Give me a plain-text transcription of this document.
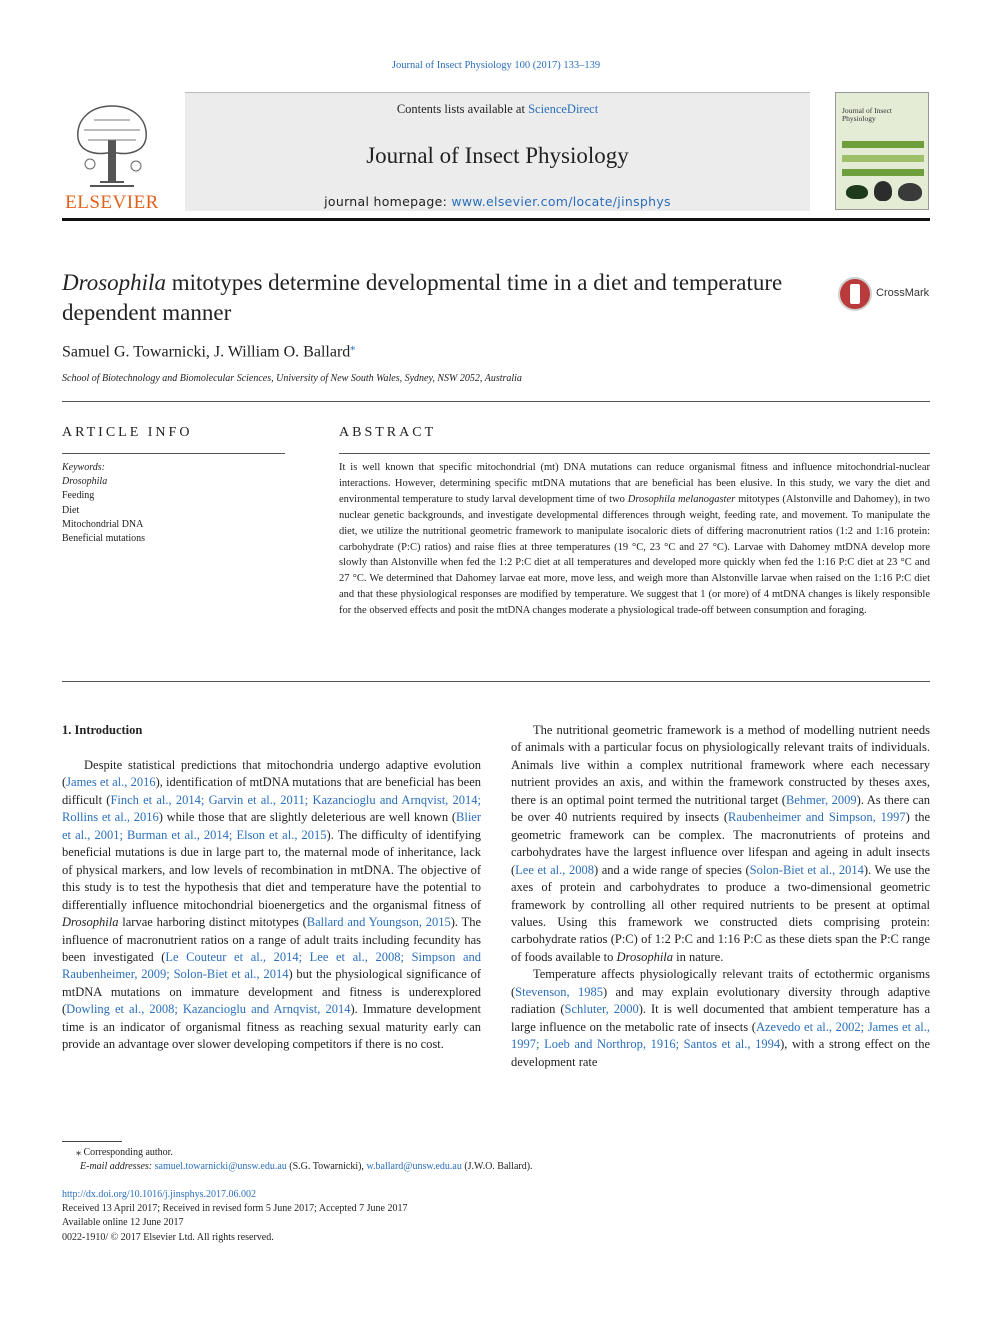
Journal of Insect Physiology 100 (2017) 133–139
ELSEVIER
Contents lists available at ScienceDirect
Journal of Insect Physiology
journal homepage: www.elsevier.com/locate/jinsphys
Journal of Insect Physiology
Drosophila mitotypes determine developmental time in a diet and temperature dependent manner
CrossMark
Samuel G. Towarnicki, J. William O. Ballard⁎
School of Biotechnology and Biomolecular Sciences, University of New South Wales, Sydney, NSW 2052, Australia
ARTICLE INFO	ABSTRACT
Keywords:
Drosophila
Feeding
Diet
Mitochondrial DNA
Beneficial mutations
It is well known that specific mitochondrial (mt) DNA mutations can reduce organismal fitness and influence mitochondrial-nuclear interactions. However, determining specific mtDNA mutations that are beneficial has been elusive. In this study, we vary the diet and environmental temperature to study larval development time of two Drosophila melanogaster mitotypes (Alstonville and Dahomey), in two nuclear genetic backgrounds, and investigate developmental differences through weight, feeding rate, and movement. To manipulate the diet, we utilize the nutritional geometric framework to manipulate isocaloric diets of differing macronutrient ratios (1:2 and 1:16 protein: carbohydrate (P:C) ratios) and raise flies at three temperatures (19 °C, 23 °C and 27 °C). Larvae with Dahomey mtDNA develop more slowly than Alstonville when fed the 1:2 P:C diet at all temperatures and developed more quickly when fed the 1:16 P:C diet at 23 °C and 27 °C. We determined that Dahomey larvae eat more, move less, and weigh more than Alstonville larvae when raised on the 1:16 P:C diet and that these physiological responses are modified by temperature. We suggest that 1 (or more) of 4 mtDNA changes is likely responsible for the observed effects and posit the mtDNA changes moderate a physiological trade-off between consumption and foraging.
1. Introduction

Despite statistical predictions that mitochondria undergo adaptive evolution (James et al., 2016), identification of mtDNA mutations that are beneficial has been difficult (Finch et al., 2014; Garvin et al., 2011; Kazancioglu and Arnqvist, 2014; Rollins et al., 2016) while those that are slightly deleterious are well known (Blier et al., 2001; Burman et al., 2014; Elson et al., 2015). The difficulty of identifying beneficial mutations is due in large part to, the maternal mode of inheritance, lack of physical markers, and low levels of recombination in mtDNA. The objective of this study is to test the hypothesis that diet and temperature have the potential to differentially influence mitochondrial bioenergetics and the organismal fitness of Drosophila larvae harboring distinct mitotypes (Ballard and Youngson, 2015). The influence of macronutrient ratios on a range of adult traits including fecundity has been investigated (Le Couteur et al., 2014; Lee et al., 2008; Simpson and Raubenheimer, 2009; Solon-Biet et al., 2014) but the physiological significance of mtDNA mutations on immature development and fitness is underexplored (Dowling et al., 2008; Kazancioglu and Arnqvist, 2014). Immature development time is an indicator of organismal fitness as reaching sexual maturity early can provide an advantage over slower developing competitors if there is no cost.

The nutritional geometric framework is a method of modelling nutrient needs of animals with a particular focus on physiologically relevant traits of individuals. Animals live within a complex nutritional framework where each necessary nutrient provides an axis, and within the framework constructed by theses axes, there is an optimal point termed the nutritional target (Behmer, 2009). As there can be over 40 nutrients required by insects (Raubenheimer and Simpson, 1997) the geometric framework can be complex. The macronutrients of proteins and carbohydrates have the largest influence over lifespan and ageing in adult insects (Lee et al., 2008) and a wide range of species (Solon-Biet et al., 2014). We use the axes of protein and carbohydrates to produce a two-dimensional geometric framework by controlling all other required nutrients to be present at optimal values. Using this framework we constructed diets comprising protein: carbohydrate ratios (P:C) of 1:2 P:C and 1:16 P:C as these diets span the P:C range of foods available to Drosophila in nature.

Temperature affects physiologically relevant traits of ectothermic organisms (Stevenson, 1985) and may explain evolutionary diversity through adaptive radiation (Schluter, 2000). It is well documented that ambient temperature has a large influence on the metabolic rate of insects (Azevedo et al., 2002; James et al., 1997; Loeb and Northrop, 1916; Santos et al., 1994), with a strong effect on the development rate

⁎ Corresponding author.
E-mail addresses: samuel.towarnicki@unsw.edu.au (S.G. Towarnicki), w.ballard@unsw.edu.au (J.W.O. Ballard).
http://dx.doi.org/10.1016/j.jinsphys.2017.06.002
Received 13 April 2017; Received in revised form 5 June 2017; Accepted 7 June 2017
Available online 12 June 2017
0022-1910/ © 2017 Elsevier Ltd. All rights reserved.
